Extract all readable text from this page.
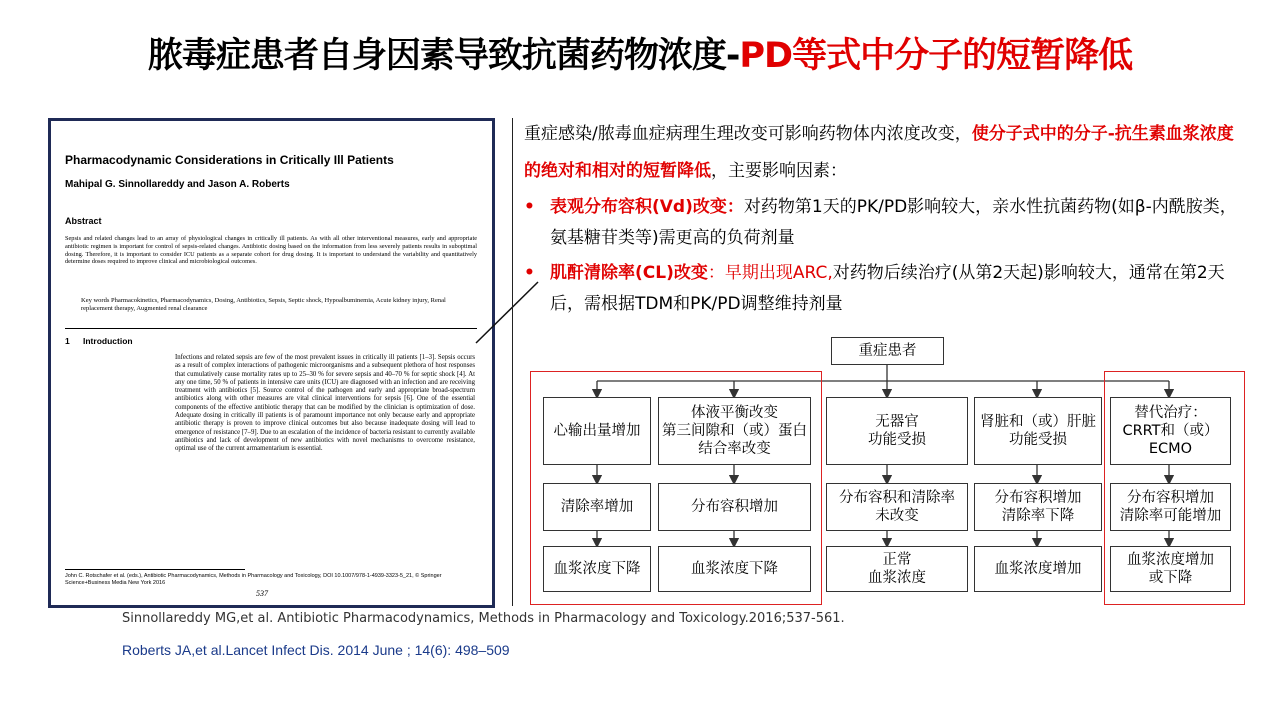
脓毒症患者自身因素导致抗菌药物浓度-PD等式中分子的短暂降低
Pharmacodynamic Considerations in Critically Ill Patients
Mahipal G. Sinnollareddy and Jason A. Roberts
Abstract
Sepsis and related changes lead to an array of physiological changes in critically ill patients. As with all other interventional measures, early and appropriate antibiotic regimen is important for control of sepsis-related changes. Antibiotic dosing based on the information from less severely patients results in suboptimal dosing. Therefore, it is important to consider ICU patients as a separate cohort for drug dosing. It is important to understand the variability and quantitatively determine doses required to improve clinical and microbiological outcomes.
Key words Pharmacokinetics, Pharmacodynamics, Dosing, Antibiotics, Sepsis, Septic shock, Hypoalbuminemia, Acute kidney injury, Renal replacement therapy, Augmented renal clearance
1 Introduction
Infections and related sepsis are few of the most prevalent issues in critically ill patients [1–3]. Sepsis occurs as a result of complex interactions of pathogenic microorganisms and a subsequent plethora of host responses that cumulatively cause mortality rates up to 25–30 % for severe sepsis and 40–70 % for septic shock [4]. At any one time, 50 % of patients in intensive care units (ICU) are diagnosed with an infection and are receiving treatment with antibiotics [5]. Source control of the pathogen and early and appropriate broad-spectrum antibiotics along with other measures are vital clinical interventions for sepsis [6]. One of the essential components of the effective antibiotic therapy that can be modified by the clinician is optimization of dose. Adequate dosing in critically ill patients is of paramount importance not only because early and appropriate antibiotic therapy is proven to improve clinical outcomes but also because inadequate dosing will lead to emergence of resistance [7–9]. Due to an escalation of the incidence of bacteria resistant to currently available antibiotics and lack of development of new antibiotics with novel mechanisms to overcome resistance, optimal use of the current armamentarium is essential.
John C. Rotschafer et al. (eds.), Antibiotic Pharmacodynamics, Methods in Pharmacology and Toxicology, DOI 10.1007/978-1-4939-3323-5_21, © Springer Science+Business Media New York 2016
537
重症感染/脓毒血症病理生理改变可影响药物体内浓度改变，使分子式中的分子-抗生素血浆浓度的绝对和相对的短暂降低，主要影响因素：
• 表观分布容积(Vd)改变：对药物第1天的PK/PD影响较大，亲水性抗菌药物(如β-内酰胺类，氨基糖苷类等)需更高的负荷剂量
• 肌酐清除率(CL)改变：早期出现ARC,对药物后续治疗(从第2天起)影响较大，通常在第2天后，需根据TDM和PK/PD调整维持剂量
重症患者
心输出量增加
体液平衡改变
第三间隙和（或）蛋白
结合率改变
无器官
功能受损
肾脏和（或）肝脏
功能受损
替代治疗：
CRRT和（或）ECMO
清除率增加	分布容积增加
分布容积和清除率
未改变
分布容积增加
清除率下降
分布容积增加
清除率可能增加
血浆浓度下降	血浆浓度下降
正常
血浆浓度
血浆浓度增加
血浆浓度增加
或下降
Sinnollareddy MG,et al. Antibiotic Pharmacodynamics, Methods in Pharmacology and Toxicology.2016;537-561.
Roberts JA,et al.Lancet Infect Dis. 2014 June ; 14(6): 498–509
